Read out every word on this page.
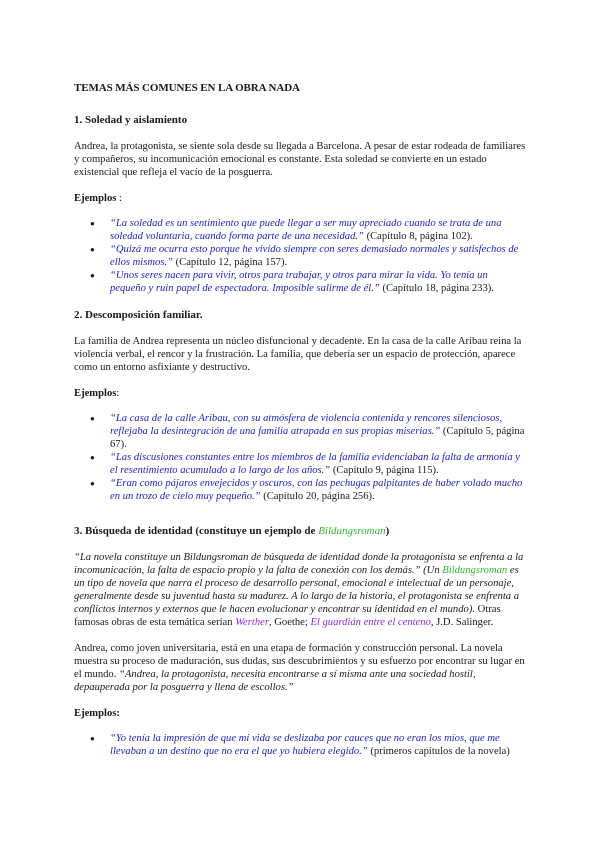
TEMAS MÁS COMUNES EN LA OBRA NADA
1. Soledad y aislamiento

Andrea, la protagonista, se siente sola desde su llegada a Barcelona. A pesar de estar rodeada de familiares y compañeros, su incomunicación emocional es constante. Esta soledad se convierte en un estado existencial que refleja el vacío de la posguerra.

Ejemplos :
● “La soledad es un sentimiento que puede llegar a ser muy apreciado cuando se trata de una soledad voluntaria, cuando forma parte de una necesidad.” (Capítulo 8, página 102).
● “Quizá me ocurra esto porque he vivido siempre con seres demasiado normales y satisfechos de ellos mismos.” (Capítulo 12, página 157).
● “Unos seres nacen para vivir, otros para trabajar, y otros para mirar la vida. Yo tenía un pequeño y ruin papel de espectadora. Imposible salirme de él.” (Capítulo 18, página 233).
2. Descomposición familiar.

La familia de Andrea representa un núcleo disfuncional y decadente. En la casa de la calle Aribau reina la violencia verbal, el rencor y la frustración. La familia, que debería ser un espacio de protección, aparece como un entorno asfixiante y destructivo.

Ejemplos:
● “La casa de la calle Aribau, con su atmósfera de violencia contenida y rencores silenciosos, reflejaba la desintegración de una familia atrapada en sus propias miserias.” (Capítulo 5, página 67).
● “Las discusiones constantes entre los miembros de la familia evidenciaban la falta de armonía y el resentimiento acumulado a lo largo de los años.” (Capítulo 9, página 115).
● “Eran como pájaros envejecidos y oscuros, con las pechugas palpitantes de haber volado mucho en un trozo de cielo muy pequeño.” (Capítulo 20, página 256).
3. Búsqueda de identidad (constituye un ejemplo de Bildungsroman)

“La novela constituye un Bildungsroman de búsqueda de identidad donde la protagonista se enfrenta a la incomunicación, la falta de espacio propio y la falta de conexión con los demás.” (Un Bildungsroman es un tipo de novela que narra el proceso de desarrollo personal, emocional e intelectual de un personaje, generalmente desde su juventud hasta su madurez. A lo largo de la historia, el protagonista se enfrenta a conflictos internos y externos que le hacen evolucionar y encontrar su identidad en el mundo). Otras famosas obras de esta temática serían Werther, Goethe; El guardián entre el centeno, J.D. Salinger.

Andrea, como joven universitaria, está en una etapa de formación y construcción personal. La novela muestra su proceso de maduración, sus dudas, sus descubrimientos y su esfuerzo por encontrar su lugar en el mundo. “Andrea, la protagonista, necesita encontrarse a sí misma ante una sociedad hostil, depauperada por la posguerra y llena de escollos.”

Ejemplos:
● “Yo tenía la impresión de que mi vida se deslizaba por cauces que no eran los míos, que me llevaban a un destino que no era el que yo hubiera elegido.” (primeros capítulos de la novela)
